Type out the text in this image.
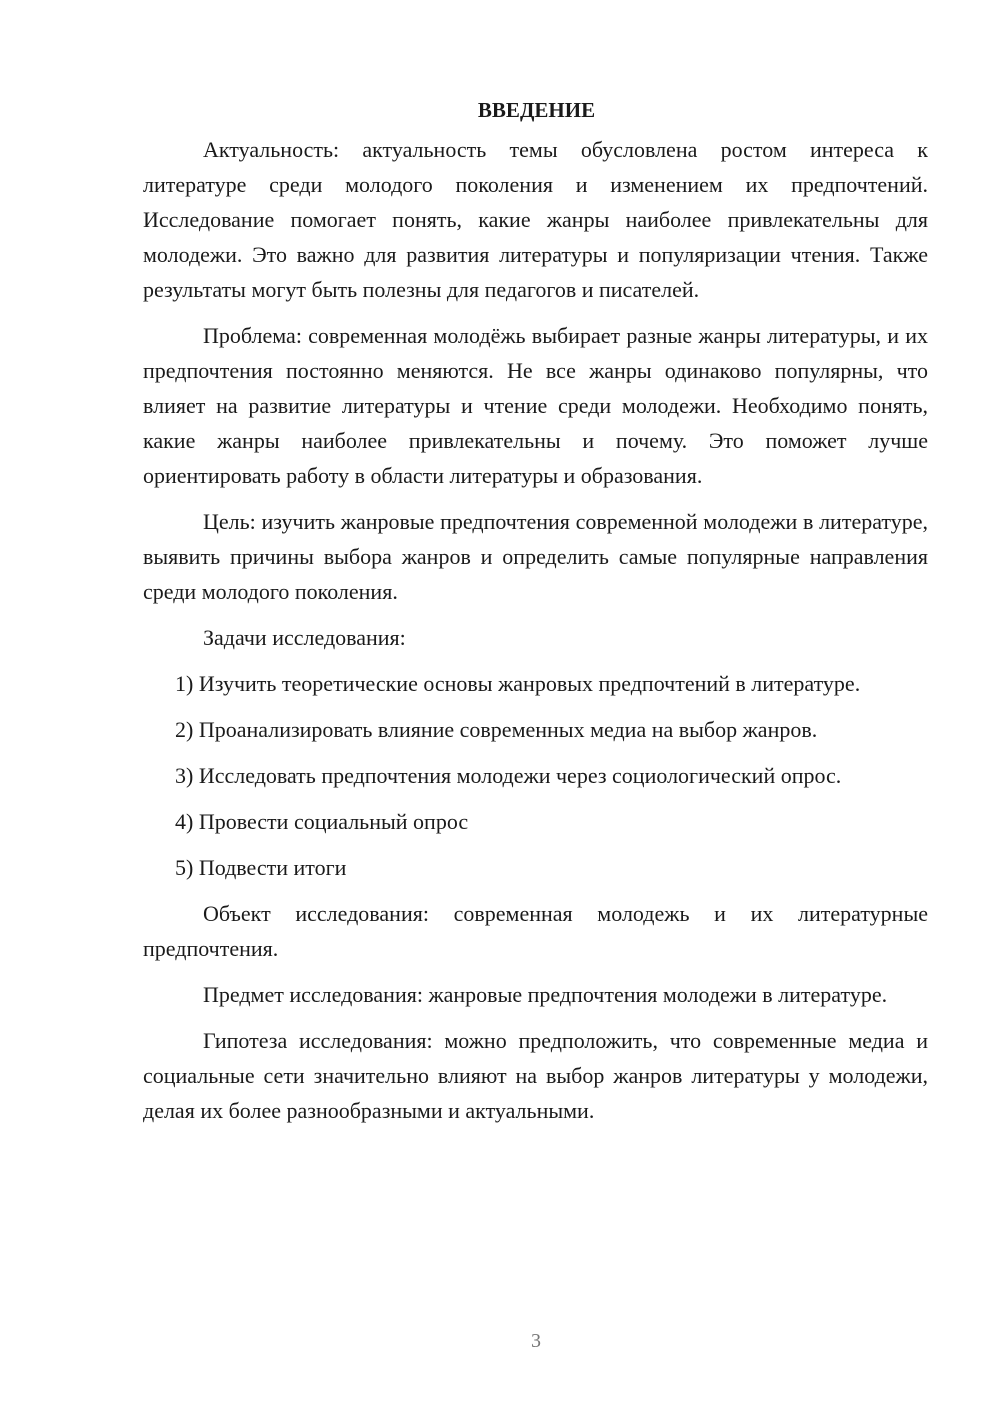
ВВЕДЕНИЕ

Актуальность: актуальность темы обусловлена ростом интереса к литературе среди молодого поколения и изменением их предпочтений. Исследование помогает понять, какие жанры наиболее привлекательны для молодежи. Это важно для развития литературы и популяризации чтения. Также результаты могут быть полезны для педагогов и писателей.

Проблема: современная молодёжь выбирает разные жанры литературы, и их предпочтения постоянно меняются. Не все жанры одинаково популярны, что влияет на развитие литературы и чтение среди молодежи. Необходимо понять, какие жанры наиболее привлекательны и почему. Это поможет лучше ориентировать работу в области литературы и образования.

Цель: изучить жанровые предпочтения современной молодежи в литературе, выявить причины выбора жанров и определить самые популярные направления среди молодого поколения.

Задачи исследования:

1) Изучить теоретические основы жанровых предпочтений в литературе.

2) Проанализировать влияние современных медиа на выбор жанров.

3) Исследовать предпочтения молодежи через социологический опрос.

4) Провести социальный опрос

5) Подвести итоги

Объект исследования: современная молодежь и их литературные предпочтения.

Предмет исследования: жанровые предпочтения молодежи в литературе.

Гипотеза исследования: можно предположить, что современные медиа и социальные сети значительно влияют на выбор жанров литературы у молодежи, делая их более разнообразными и актуальными.

3
